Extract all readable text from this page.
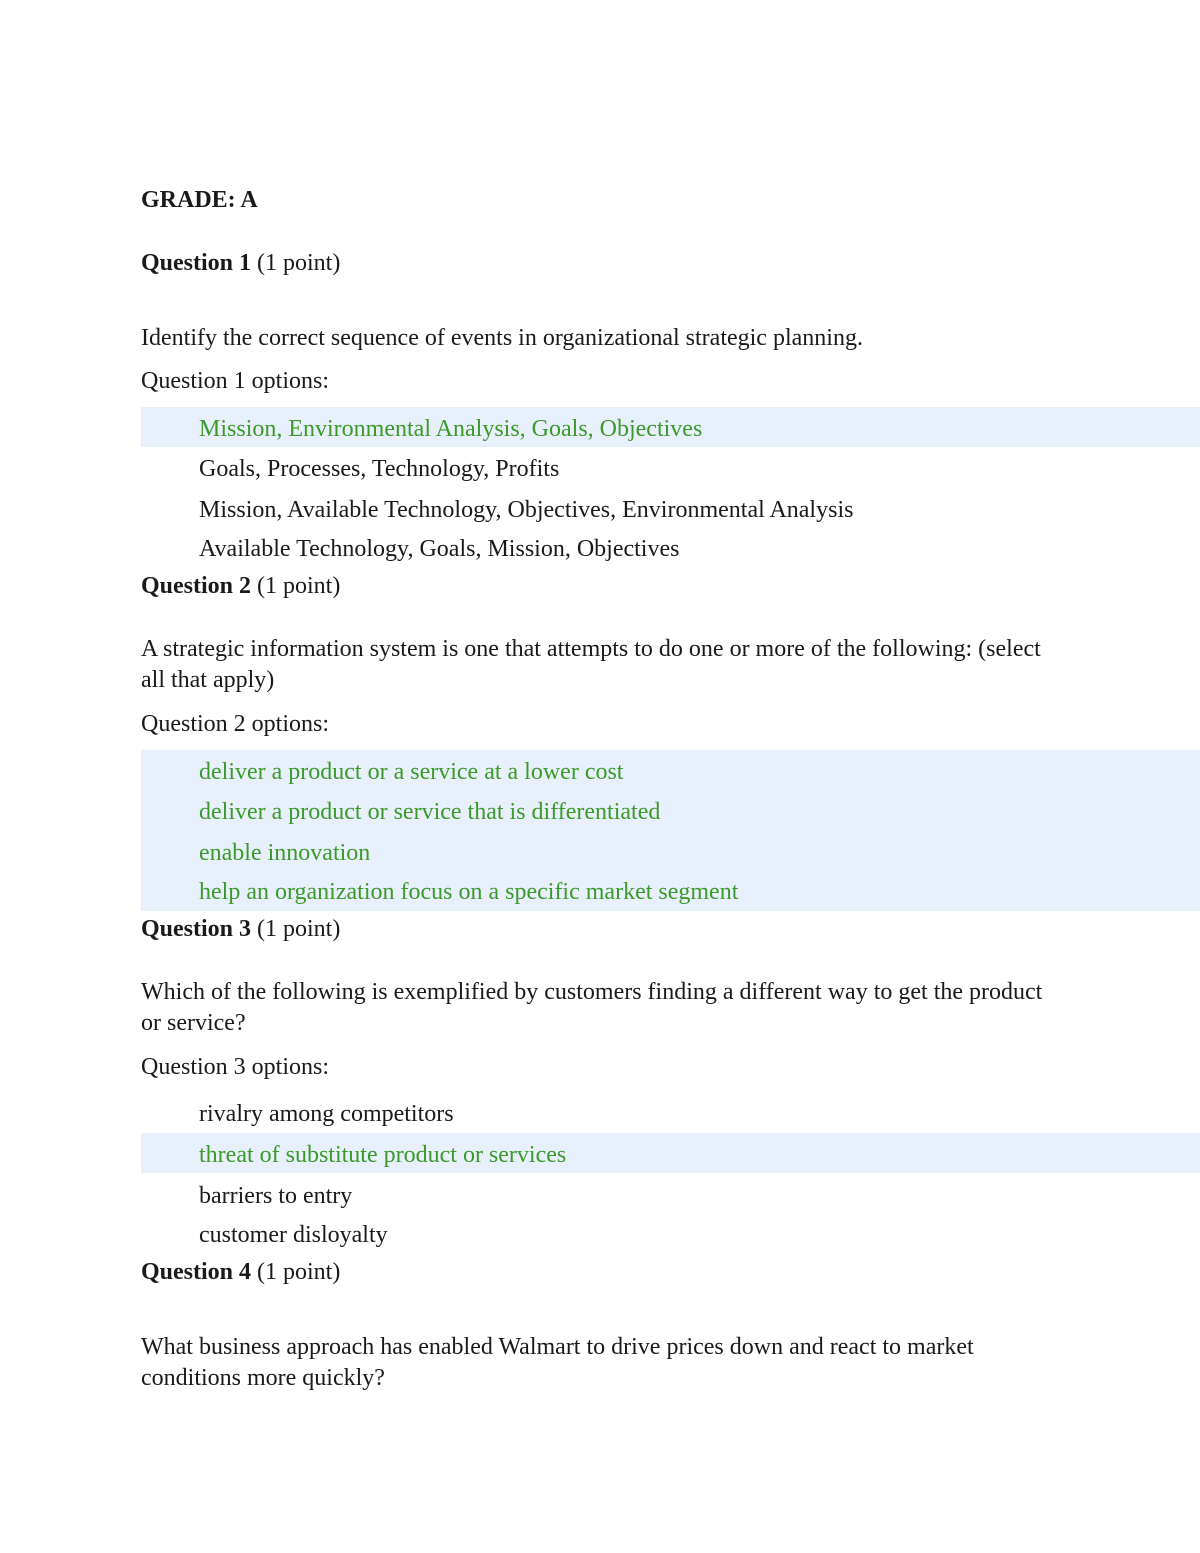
GRADE: A
Question 1 (1 point)
Identify the correct sequence of events in organizational strategic planning.
Question 1 options:
Mission, Environmental Analysis, Goals, Objectives
Goals, Processes, Technology, Profits
Mission, Available Technology, Objectives, Environmental Analysis
Available Technology, Goals, Mission, Objectives
Question 2 (1 point)
A strategic information system is one that attempts to do one or more of the following: (select all that apply)
Question 2 options:
deliver a product or a service at a lower cost
deliver a product or service that is differentiated
enable innovation
help an organization focus on a specific market segment
Question 3 (1 point)
Which of the following is exemplified by customers finding a different way to get the product or service?
Question 3 options:
rivalry among competitors
threat of substitute product or services
barriers to entry
customer disloyalty
Question 4 (1 point)
What business approach has enabled Walmart to drive prices down and react to market conditions more quickly?
